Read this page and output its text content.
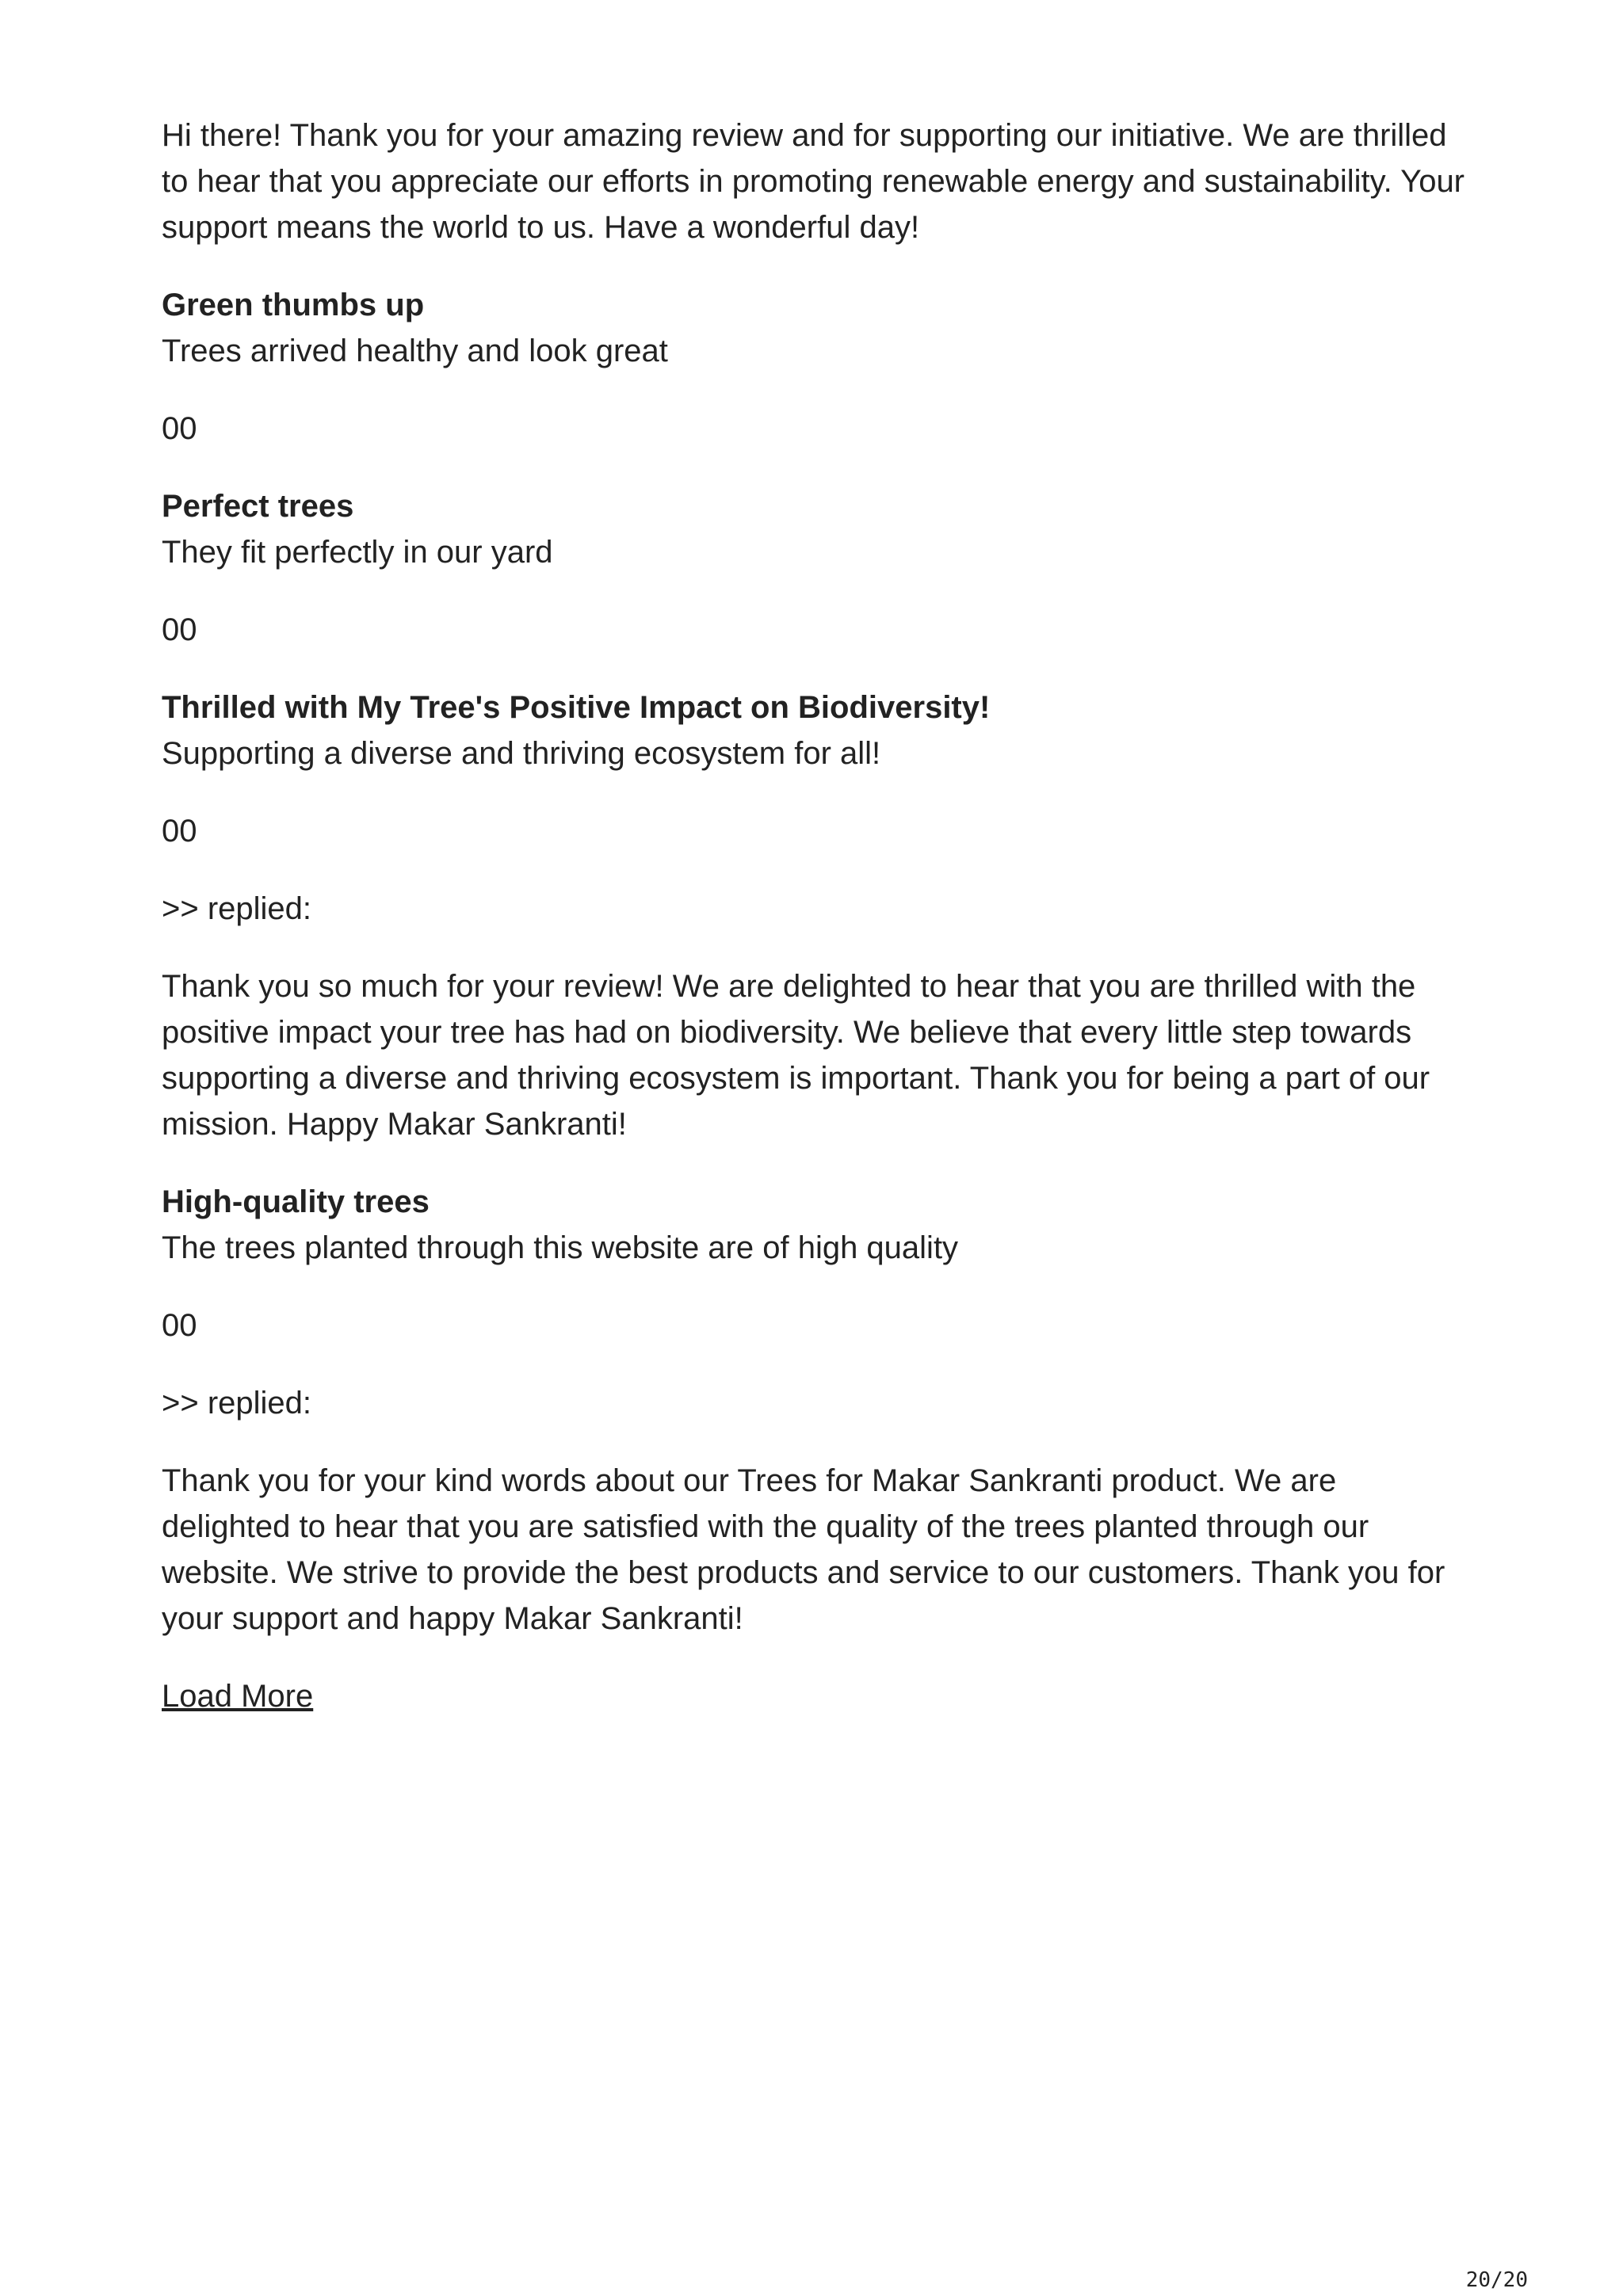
Hi there! Thank you for your amazing review and for supporting our initiative. We are thrilled to hear that you appreciate our efforts in promoting renewable energy and sustainability. Your support means the world to us. Have a wonderful day!

Green thumbs up

Trees arrived healthy and look great

00

Perfect trees

They fit perfectly in our yard

00

Thrilled with My Tree's Positive Impact on Biodiversity!

Supporting a diverse and thriving ecosystem for all!

00

>> replied:

Thank you so much for your review! We are delighted to hear that you are thrilled with the positive impact your tree has had on biodiversity. We believe that every little step towards supporting a diverse and thriving ecosystem is important. Thank you for being a part of our mission. Happy Makar Sankranti!

High-quality trees

The trees planted through this website are of high quality

00

>> replied:

Thank you for your kind words about our Trees for Makar Sankranti product. We are delighted to hear that you are satisfied with the quality of the trees planted through our website. We strive to provide the best products and service to our customers. Thank you for your support and happy Makar Sankranti!

Load More
20/20
